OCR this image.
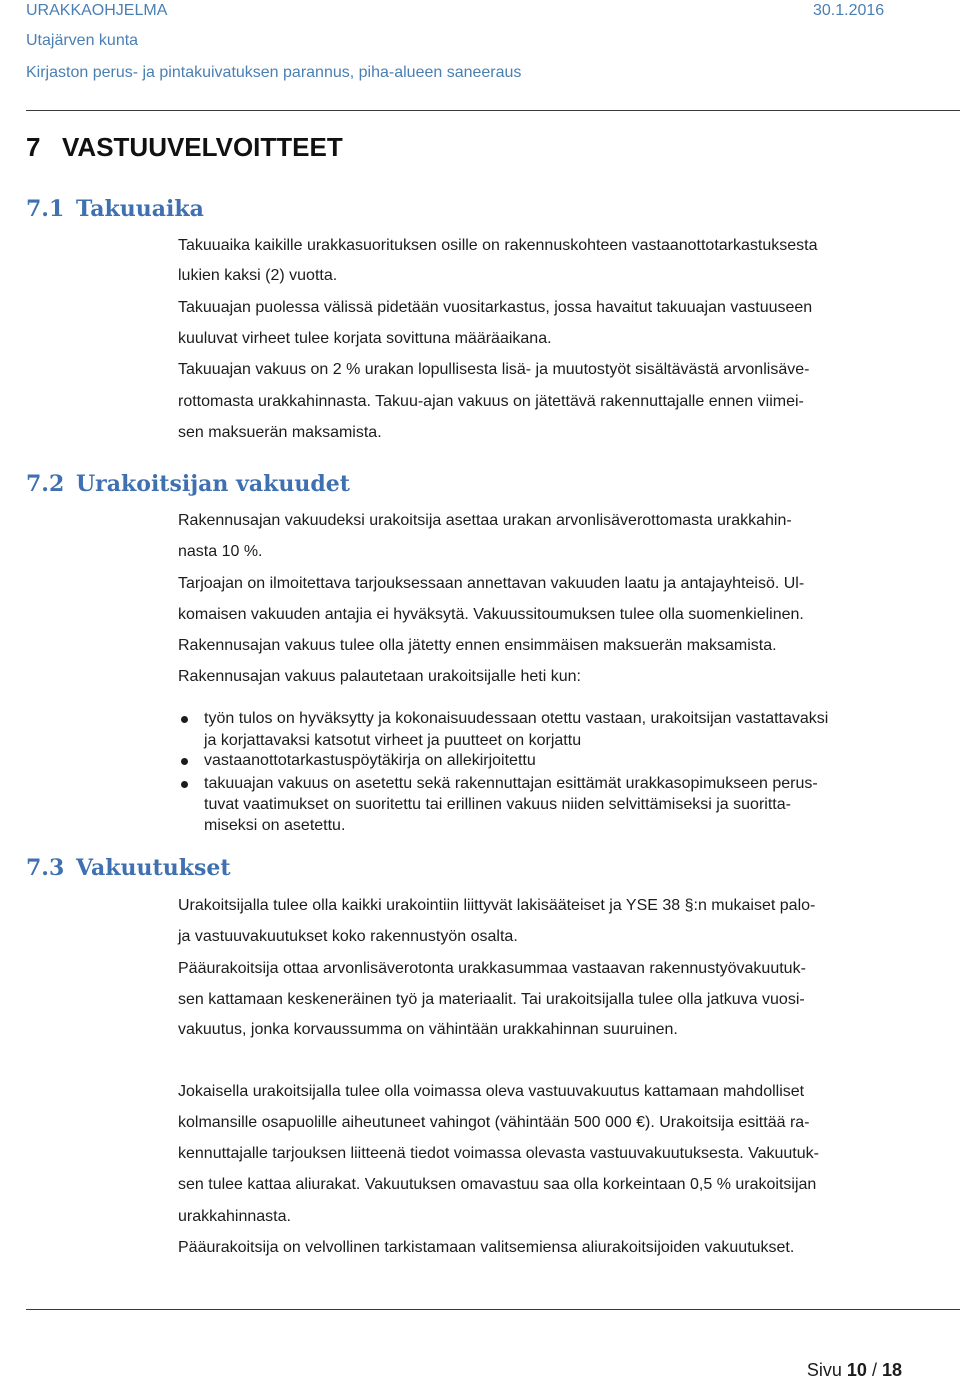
URAKKAOHJELMA	30.1.2016
Utajärven kunta
Kirjaston perus- ja pintakuivatuksen parannus, piha-alueen saneeraus
7 VASTUUVELVOITTEET
7.1 Takuuaika
Takuuaika kaikille urakkasuorituksen osille on rakennuskohteen vastaanottotarkastuksesta
lukien kaksi (2) vuotta.
Takuuajan puolessa välissä pidetään vuositarkastus, jossa havaitut takuuajan vastuuseen
kuuluvat virheet tulee korjata sovittuna määräaikana.
Takuuajan vakuus on 2 % urakan lopullisesta lisä- ja muutostyöt sisältävästä arvonlisäve-
rottomasta urakkahinnasta. Takuu-ajan vakuus on jätettävä rakennuttajalle ennen viimei-
sen maksuerän maksamista.
7.2 Urakoitsijan vakuudet
Rakennusajan vakuudeksi urakoitsija asettaa urakan arvonlisäverottomasta urakkahin-
nasta 10 %.
Tarjoajan on ilmoitettava tarjouksessaan annettavan vakuuden laatu ja antajayhteisö. Ul-
komaisen vakuuden antajia ei hyväksytä. Vakuussitoumuksen tulee olla suomenkielinen.
Rakennusajan vakuus tulee olla jätetty ennen ensimmäisen maksuerän maksamista.
Rakennusajan vakuus palautetaan urakoitsijalle heti kun:
työn tulos on hyväksytty ja kokonaisuudessaan otettu vastaan, urakoitsijan vastattavaksi
ja korjattavaksi katsotut virheet ja puutteet on korjattu
vastaanottotarkastuspöytäkirja on allekirjoitettu
takuuajan vakuus on asetettu sekä rakennuttajan esittämät urakkasopimukseen perus-
tuvat vaatimukset on suoritettu tai erillinen vakuus niiden selvittämiseksi ja suoritta-
miseksi on asetettu.
7.3 Vakuutukset
Urakoitsijalla tulee olla kaikki urakointiin liittyvät lakisääteiset ja YSE 38 §:n mukaiset palo-
ja vastuuvakuutukset koko rakennustyön osalta.
Pääurakoitsija ottaa arvonlisäverotonta urakkasummaa vastaavan rakennustyövakuutuk-
sen kattamaan keskeneräinen työ ja materiaalit. Tai urakoitsijalla tulee olla jatkuva vuosi-
vakuutus, jonka korvaussumma on vähintään urakkahinnan suuruinen.
Jokaisella urakoitsijalla tulee olla voimassa oleva vastuuvakuutus kattamaan mahdolliset
kolmansille osapuolille aiheutuneet vahingot (vähintään 500 000 €). Urakoitsija esittää ra-
kennuttajalle tarjouksen liitteenä tiedot voimassa olevasta vastuuvakuutuksesta. Vakuutuk-
sen tulee kattaa aliurakat. Vakuutuksen omavastuu saa olla korkeintaan 0,5 % urakoitsijan
urakkahinnasta.
Pääurakoitsija on velvollinen tarkistamaan valitsemiensa aliurakoitsijoiden vakuutukset.
Sivu 10 / 18
